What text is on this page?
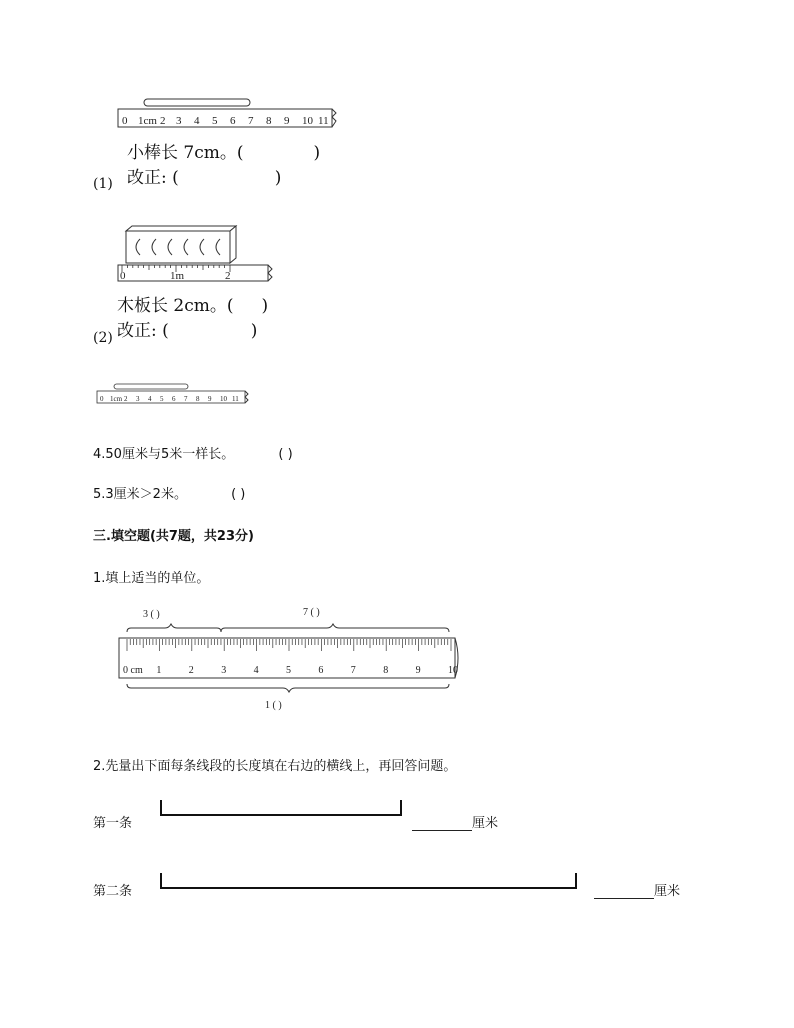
0 1cm 2 3 4 5 6 7 8 9 10 11
小棒长 7cm。(	)
改正: (	)
(1)
0	1m	2
木板长 2cm。( )
改正: (	)
(2)
0 1cm 2 3 4 5 6 7 8 9 10 11
4.50厘米与5米一样长。	( )
5.3厘米＞2米。	( )
三.填空题(共7题，共23分)
1.填上适当的单位。
3 ( )	7 ( )
0 cm 1	2	3	4	5	6	7	8	9	10
1 ( )
2.先量出下面每条线段的长度填在右边的横线上，再回答问题。
第一条	厘米
第二条	厘米
